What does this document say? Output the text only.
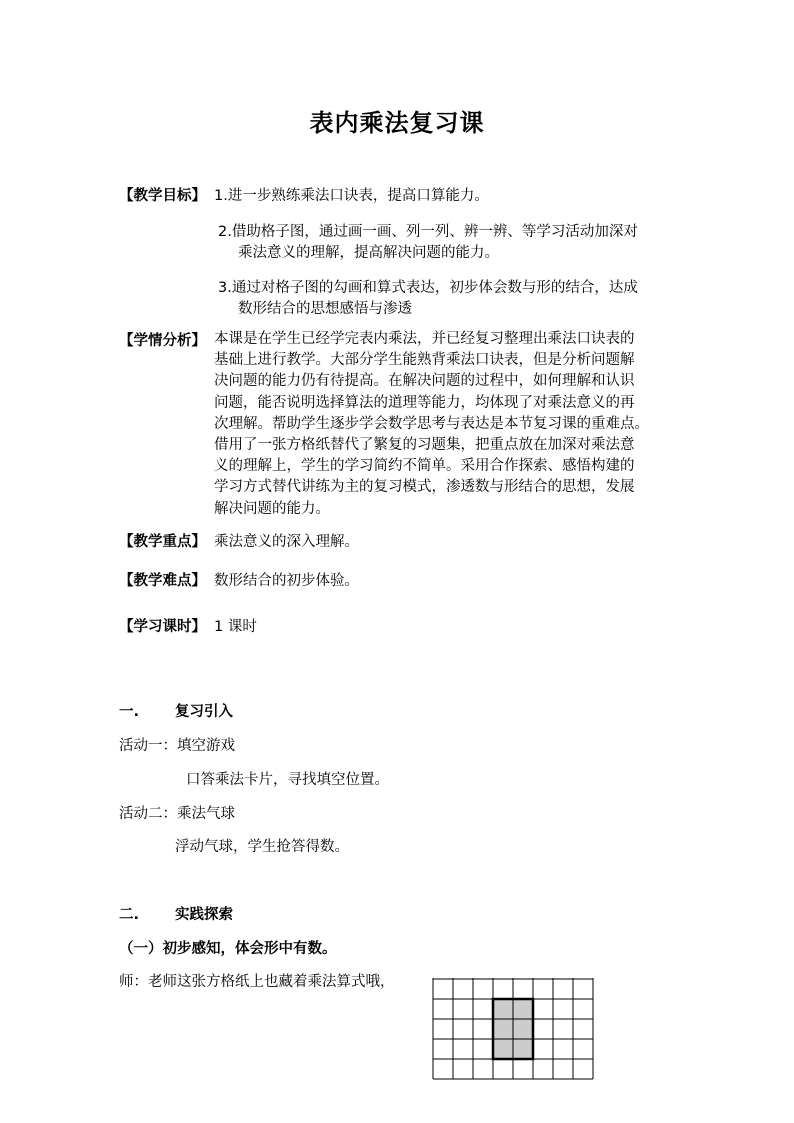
表内乘法复习课
【教学目标】 1.进一步熟练乘法口诀表，提高口算能力。
2.借助格子图，通过画一画、列一列、辨一辨、等学习活动加深对
乘法意义的理解，提高解决问题的能力。
3.通过对格子图的勾画和算式表达，初步体会数与形的结合，达成
数形结合的思想感悟与渗透
【学情分析】 本课是在学生已经学完表内乘法，并已经复习整理出乘法口诀表的
基础上进行教学。大部分学生能熟背乘法口诀表，但是分析问题解
决问题的能力仍有待提高。在解决问题的过程中，如何理解和认识
问题，能否说明选择算法的道理等能力，均体现了对乘法意义的再
次理解。帮助学生逐步学会数学思考与表达是本节复习课的重难点。
借用了一张方格纸替代了繁复的习题集，把重点放在加深对乘法意
义的理解上，学生的学习简约不简单。采用合作探索、感悟构建的
学习方式替代讲练为主的复习模式，渗透数与形结合的思想，发展
解决问题的能力。
【教学重点】 乘法意义的深入理解。
【教学难点】 数形结合的初步体验。
【学习课时】 1 课时
一. 复习引入
活动一：填空游戏
口答乘法卡片，寻找填空位置。
活动二：乘法气球
浮动气球，学生抢答得数。
二. 实践探索
（一）初步感知，体会形中有数。
师：老师这张方格纸上也藏着乘法算式哦，
